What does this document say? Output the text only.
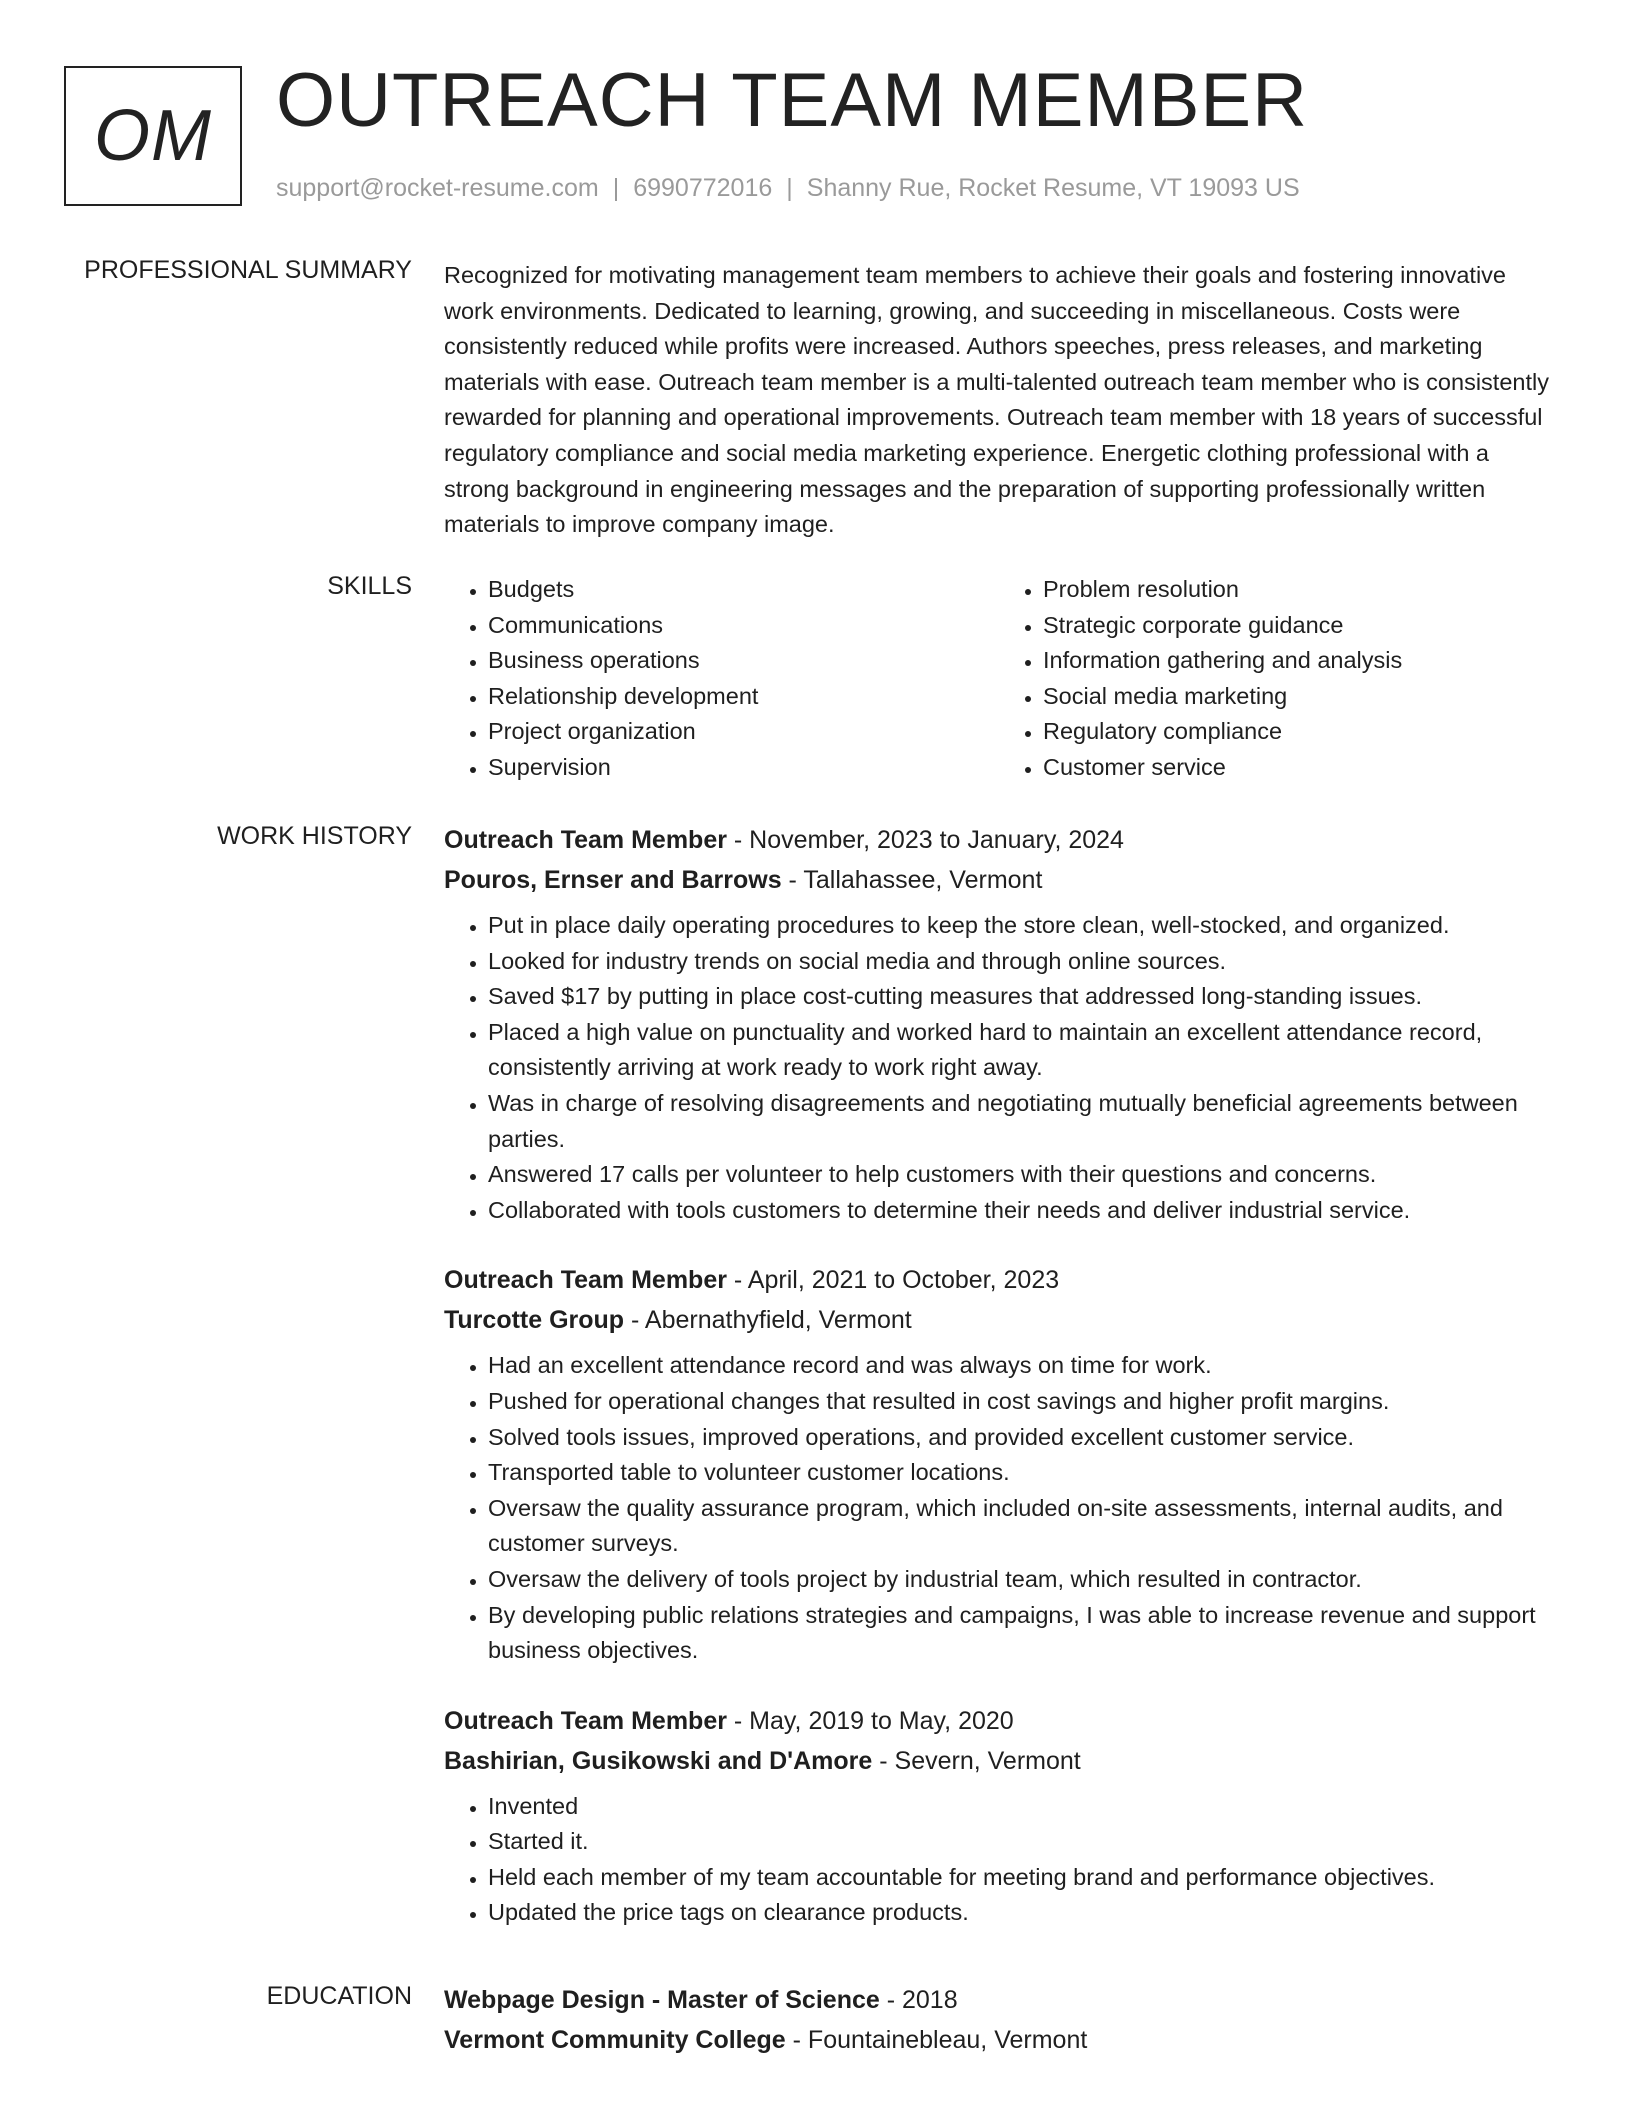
OM OUTREACH TEAM MEMBER
support@rocket-resume.com | 6990772016 | Shanny Rue, Rocket Resume, VT 19093 US
PROFESSIONAL SUMMARY Recognized for motivating management team members to achieve their goals and fostering innovative work environments. Dedicated to learning, growing, and succeeding in miscellaneous. Costs were consistently reduced while profits were increased. Authors speeches, press releases, and marketing materials with ease. Outreach team member is a multi-talented outreach team member who is consistently rewarded for planning and operational improvements. Outreach team member with 18 years of successful regulatory compliance and social media marketing experience. Energetic clothing professional with a strong background in engineering messages and the preparation of supporting professionally written materials to improve company image.

SKILLS
•	Budgets
• Communications
• Business operations
• Relationship development
• Project organization
• Supervision
• Problem resolution
• Strategic corporate guidance
• Information gathering and analysis
• Social media marketing
• Regulatory compliance
• Customer service
WORK HISTORY Outreach Team Member - November, 2023 to January, 2024
Pouros, Ernser and Barrows - Tallahassee, Vermont
• Put in place daily operating procedures to keep the store clean, well-stocked, and organized.
• Looked for industry trends on social media and through online sources.
• Saved $17 by putting in place cost-cutting measures that addressed long-standing issues.
• Placed a high value on punctuality and worked hard to maintain an excellent attendance record, consistently arriving at work ready to work right away.
• Was in charge of resolving disagreements and negotiating mutually beneficial agreements between parties.
• Answered 17 calls per volunteer to help customers with their questions and concerns.
• Collaborated with tools customers to determine their needs and deliver industrial service.
Outreach Team Member - April, 2021 to October, 2023
Turcotte Group - Abernathyfield, Vermont
• Had an excellent attendance record and was always on time for work.
• Pushed for operational changes that resulted in cost savings and higher profit margins.
• Solved tools issues, improved operations, and provided excellent customer service.
• Transported table to volunteer customer locations.
• Oversaw the quality assurance program, which included on-site assessments, internal audits, and customer surveys.
• Oversaw the delivery of tools project by industrial team, which resulted in contractor.
• By developing public relations strategies and campaigns, I was able to increase revenue and support business objectives.
Outreach Team Member - May, 2019 to May, 2020
Bashirian, Gusikowski and D'Amore - Severn, Vermont
• Invented
• Started it.
• Held each member of my team accountable for meeting brand and performance objectives.
• Updated the price tags on clearance products.
EDUCATION Webpage Design - Master of Science - 2018
Vermont Community College - Fountainebleau, Vermont
